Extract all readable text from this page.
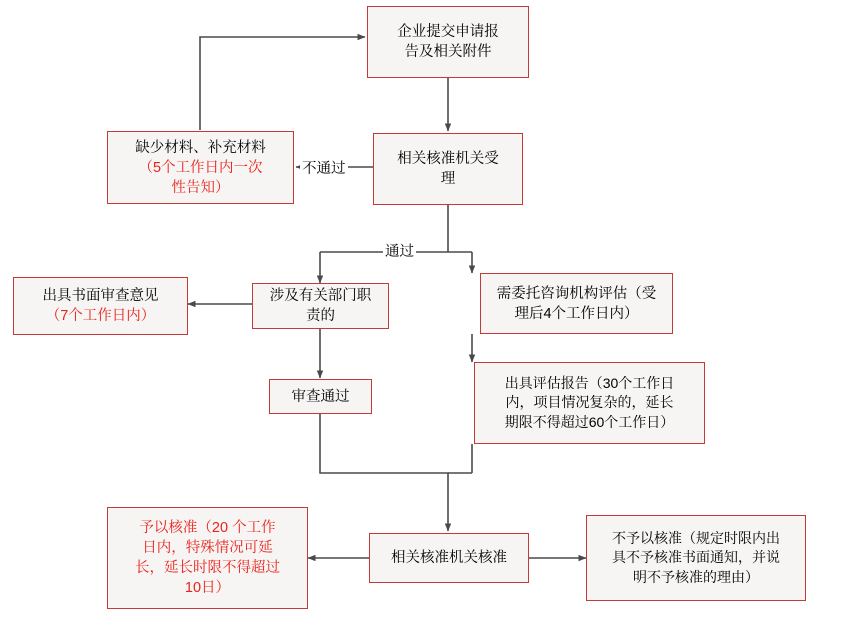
企业提交申请报
告及相关附件
相关核准机关受
理
缺少材料、补充材料
（5个工作日内一次
性告知）
涉及有关部门职
责的
出具书面审查意见
（7个工作日内）
审查通过
需委托咨询机构评估（受
理后4个工作日内）
出具评估报告（30个工作日
内，项目情况复杂的，延长
期限不得超过60个工作日）
相关核准机关核准
予以核准（20 个工作
日内，特殊情况可延
长，延长时限不得超过
10日）
不予以核准（规定时限内出
具不予核准书面通知，并说
明不予核准的理由）
不通过
通过
